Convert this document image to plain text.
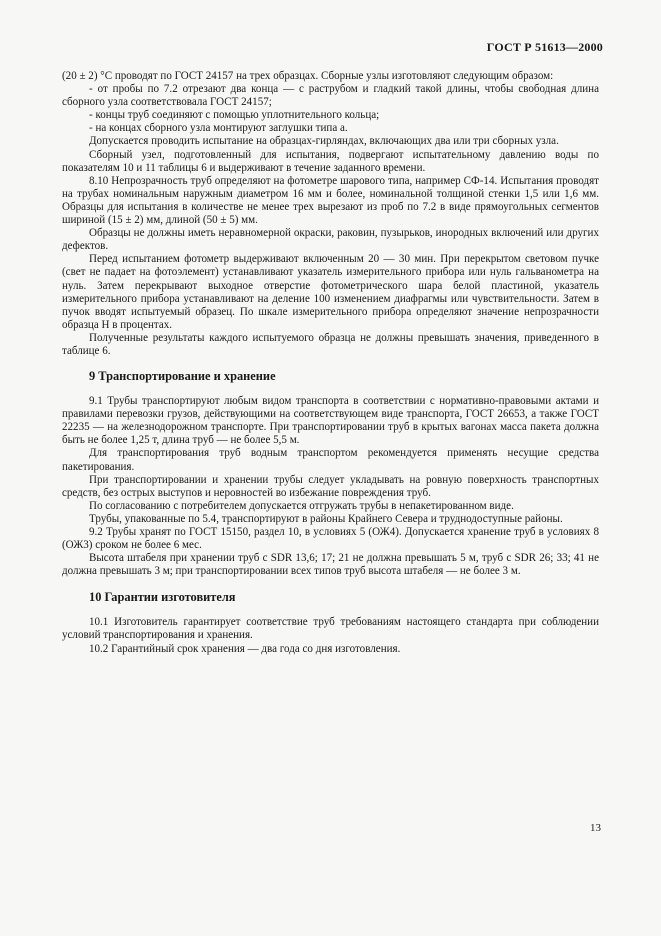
ГОСТ Р 51613—2000

(20 ± 2) °С проводят по ГОСТ 24157 на трех образцах. Сборные узлы изготовляют следующим образом:

- от пробы по 7.2 отрезают два конца — с раструбом и гладкий такой длины, чтобы свободная длина сборного узла соответствовала ГОСТ 24157;

- концы труб соединяют с помощью уплотнительного кольца;

- на концах сборного узла монтируют заглушки типа а.

Допускается проводить испытание на образцах-гирляндах, включающих два или три сборных узла.

Сборный узел, подготовленный для испытания, подвергают испытательному давлению воды по показателям 10 и 11 таблицы 6 и выдерживают в течение заданного времени.

8.10 Непрозрачность труб определяют на фотометре шарового типа, например СФ-14. Испытания проводят на трубах номинальным наружным диаметром 16 мм и более, номинальной толщиной стенки 1,5 или 1,6 мм. Образцы для испытания в количестве не менее трех вырезают из проб по 7.2 в виде прямоугольных сегментов шириной (15 ± 2) мм, длиной (50 ± 5) мм.

Образцы не должны иметь неравномерной окраски, раковин, пузырьков, инородных включений или других дефектов.

Перед испытанием фотометр выдерживают включенным 20 — 30 мин. При перекрытом световом пучке (свет не падает на фотоэлемент) устанавливают указатель измерительного прибора или нуль гальванометра на нуль. Затем перекрывают выходное отверстие фотометрического шара белой пластиной, указатель измерительного прибора устанавливают на деление 100 изменением диафрагмы или чувствительности. Затем в пучок вводят испытуемый образец. По шкале измерительного прибора определяют значение непрозрачности образца Н в процентах.

Полученные результаты каждого испытуемого образца не должны превышать значения, приведенного в таблице 6.

9 Транспортирование и хранение

9.1 Трубы транспортируют любым видом транспорта в соответствии с нормативно-правовыми актами и правилами перевозки грузов, действующими на соответствующем виде транспорта, ГОСТ 26653, а также ГОСТ 22235 — на железнодорожном транспорте. При транспортировании труб в крытых вагонах масса пакета должна быть не более 1,25 т, длина труб — не более 5,5 м.

Для транспортирования труб водным транспортом рекомендуется применять несущие средства пакетирования.

При транспортировании и хранении трубы следует укладывать на ровную поверхность транспортных средств, без острых выступов и неровностей во избежание повреждения труб.

По согласованию с потребителем допускается отгружать трубы в непакетированном виде.

Трубы, упакованные по 5.4, транспортируют в районы Крайнего Севера и труднодоступные районы.

9.2 Трубы хранят по ГОСТ 15150, раздел 10, в условиях 5 (ОЖ4). Допускается хранение труб в условиях 8 (ОЖ3) сроком не более 6 мес.

Высота штабеля при хранении труб с SDR 13,6; 17; 21 не должна превышать 5 м, труб с SDR 26; 33; 41 не должна превышать 3 м; при транспортировании всех типов труб высота штабеля — не более 3 м.

10 Гарантии изготовителя

10.1 Изготовитель гарантирует соответствие труб требованиям настоящего стандарта при соблюдении условий транспортирования и хранения.

10.2 Гарантийный срок хранения — два года со дня изготовления.

13
